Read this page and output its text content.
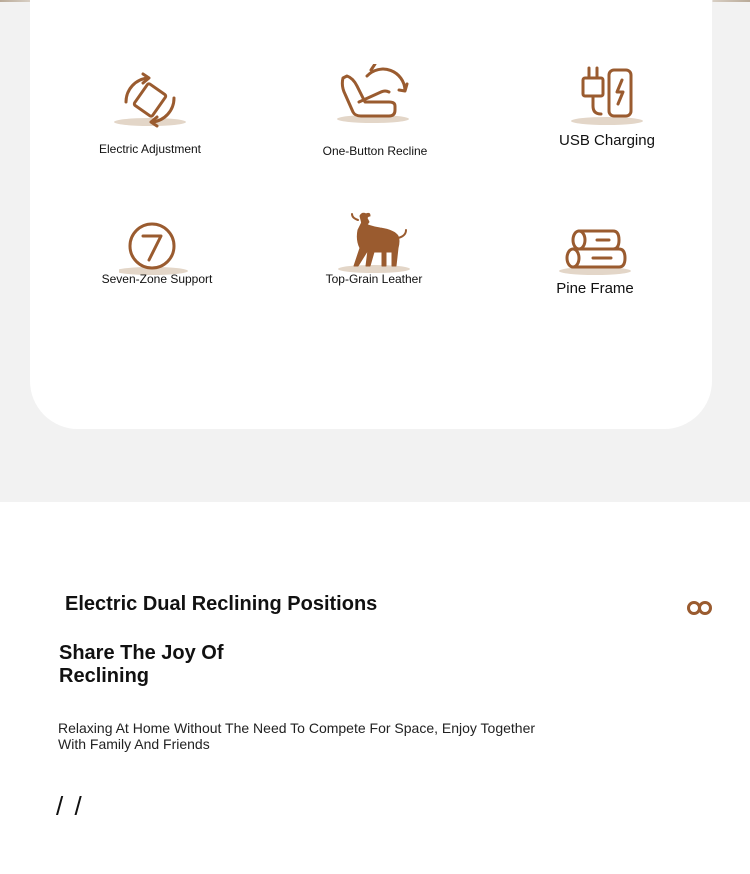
Electric Adjustment	One-Button Recline
USB Charging
Seven-Zone Support	Top-Grain Leather
Pine Frame
Electric Dual Reclining Positions
Share The Joy Of Reclining
Relaxing At Home Without The Need To Compete For Space, Enjoy Together With Family And Friends
/ /
